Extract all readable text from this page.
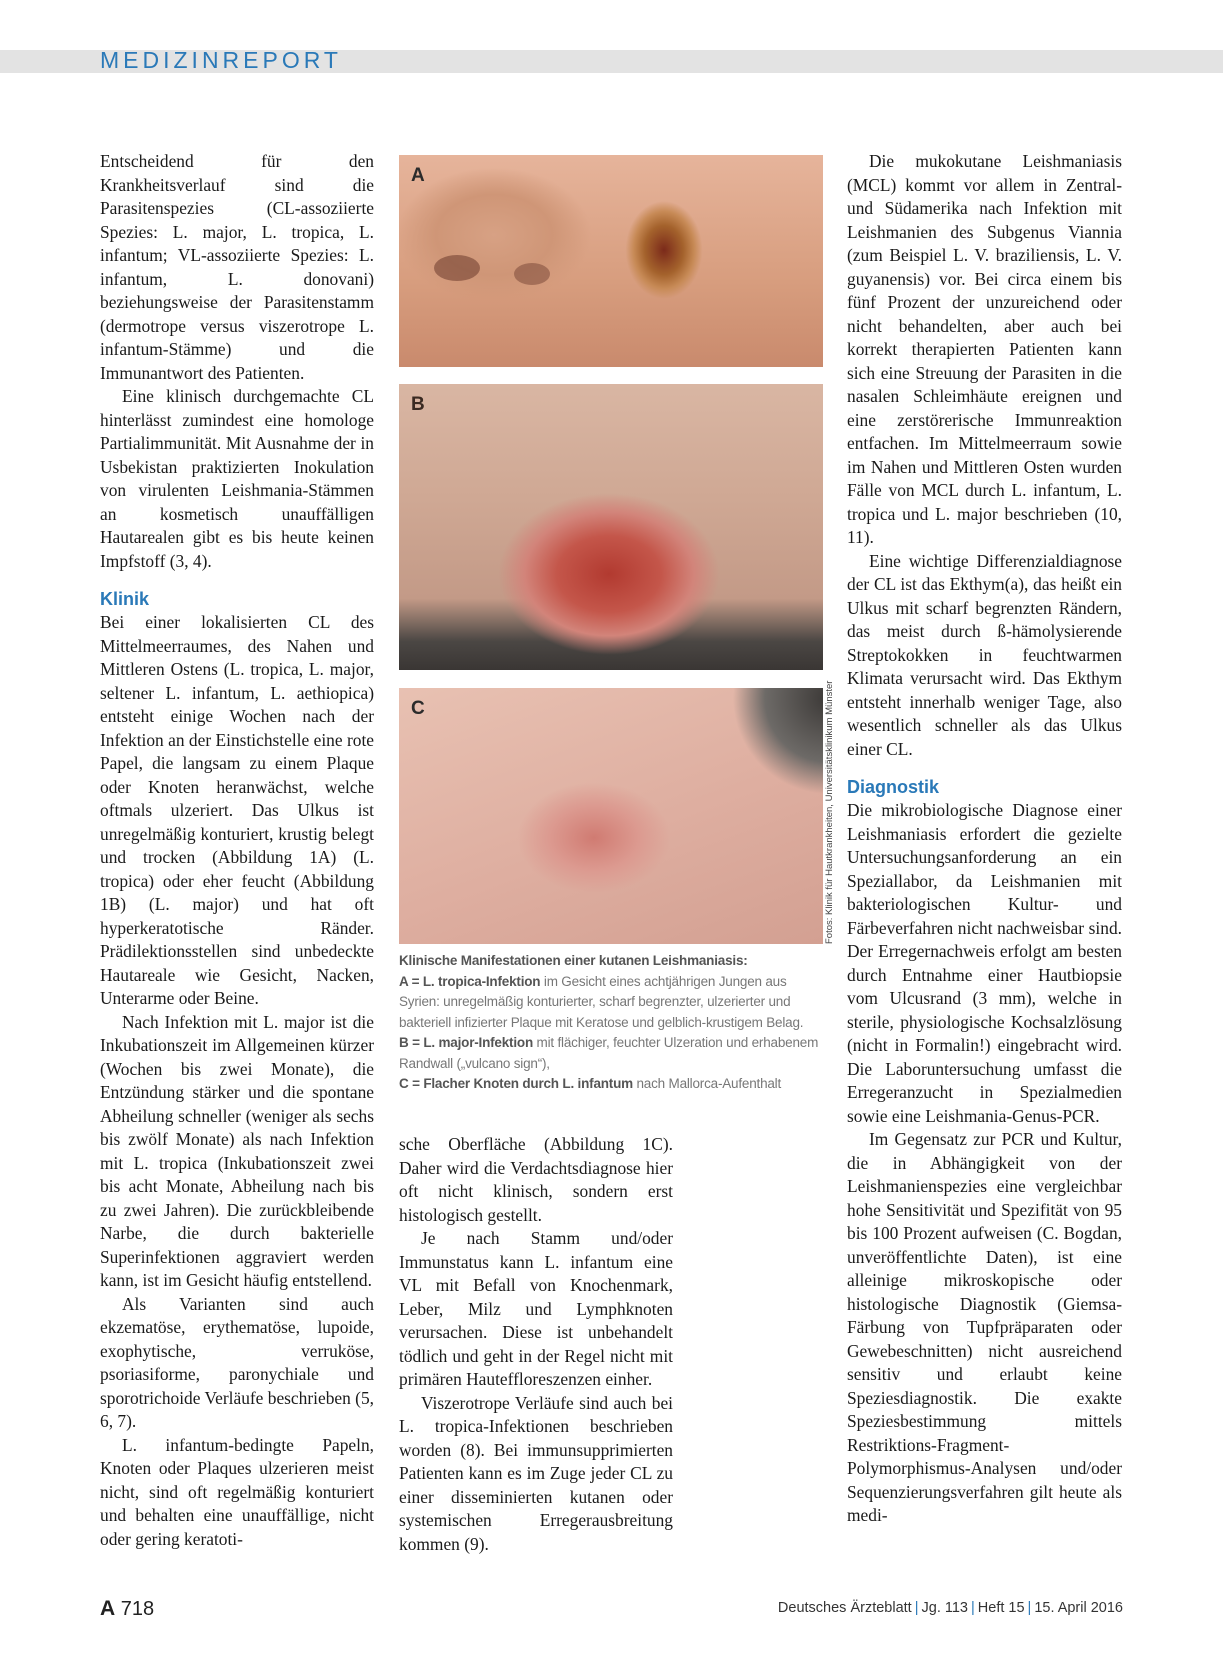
MEDIZINREPORT

Entscheidend für den Krankheitsverlauf sind die Parasitenspezies (CL-assoziierte Spezies: L. major, L. tropica, L. infantum; VL-assoziierte Spezies: L. infantum, L. donovani) beziehungsweise der Parasitenstamm (dermotrope versus viszerotrope L. infantum-Stämme) und die Immunantwort des Patienten.

Eine klinisch durchgemachte CL hinterlässt zumindest eine homologe Partialimmunität. Mit Ausnahme der in Usbekistan praktizierten Inokulation von virulenten Leishmania-Stämmen an kosmetisch unauffälligen Hautarealen gibt es bis heute keinen Impfstoff (3, 4).

Klinik

Bei einer lokalisierten CL des Mittelmeerraumes, des Nahen und Mittleren Ostens (L. tropica, L. major, seltener L. infantum, L. aethiopica) entsteht einige Wochen nach der Infektion an der Einstichstelle eine rote Papel, die langsam zu einem Plaque oder Knoten heranwächst, welche oftmals ulzeriert. Das Ulkus ist unregelmäßig konturiert, krustig belegt und trocken (Abbildung 1A) (L. tropica) oder eher feucht (Abbildung 1B) (L. major) und hat oft hyperkeratotische Ränder. Prädilektionsstellen sind unbedeckte Hautareale wie Gesicht, Nacken, Unterarme oder Beine.

Nach Infektion mit L. major ist die Inkubationszeit im Allgemeinen kürzer (Wochen bis zwei Monate), die Entzündung stärker und die spontane Abheilung schneller (weniger als sechs bis zwölf Monate) als nach Infektion mit L. tropica (Inkubationszeit zwei bis acht Monate, Abheilung nach bis zu zwei Jahren). Die zurückbleibende Narbe, die durch bakterielle Superinfektionen aggraviert werden kann, ist im Gesicht häufig entstellend.

Als Varianten sind auch ekzematöse, erythematöse, lupoide, exophytische, verruköse, psoriasiforme, paronychiale und sporotrichoide Verläufe beschrieben (5, 6, 7).

L. infantum-bedingte Papeln, Knoten oder Plaques ulzerieren meist nicht, sind oft regelmäßig konturiert und behalten eine unauffällige, nicht oder gering keratoti-

A
B
C	Fotos: Klinik für Hautkrankheiten, Universitätsklinikum Münster
Klinische Manifestationen einer kutanen Leishmaniasis:
A = L. tropica-Infektion im Gesicht eines achtjährigen Jungen aus Syrien: unregelmäßig konturierter, scharf begrenzter, ulzerierter und bakteriell infizierter Plaque mit Keratose und gelblich-krustigem Belag.
B = L. major-Infektion mit flächiger, feuchter Ulzeration und erhabenem Randwall („vulcano sign“),
C = Flacher Knoten durch L. infantum nach Mallorca-Aufenthalt

sche Oberfläche (Abbildung 1C). Daher wird die Verdachtsdiagnose hier oft nicht klinisch, sondern erst histologisch gestellt.

Je nach Stamm und/oder Immunstatus kann L. infantum eine VL mit Befall von Knochenmark, Leber, Milz und Lymphknoten verursachen. Diese ist unbehandelt tödlich und geht in der Regel nicht mit primären Hauteffloreszenzen einher.

Viszerotrope Verläufe sind auch bei L. tropica-Infektionen beschrieben worden (8). Bei immunsupprimierten Patienten kann es im Zuge jeder CL zu einer disseminierten kutanen oder systemischen Erregerausbreitung kommen (9).

Die mukokutane Leishmaniasis (MCL) kommt vor allem in Zentral- und Südamerika nach Infektion mit Leishmanien des Subgenus Viannia (zum Beispiel L. V. braziliensis, L. V. guyanensis) vor. Bei circa einem bis fünf Prozent der unzureichend oder nicht behandelten, aber auch bei korrekt therapierten Patienten kann sich eine Streuung der Parasiten in die nasalen Schleimhäute ereignen und eine zerstörerische Immunreaktion entfachen. Im Mittelmeerraum sowie im Nahen und Mittleren Osten wurden Fälle von MCL durch L. infantum, L. tropica und L. major beschrieben (10, 11).

Eine wichtige Differenzialdiagnose der CL ist das Ekthym(a), das heißt ein Ulkus mit scharf begrenzten Rändern, das meist durch ß-hämolysierende Streptokokken in feuchtwarmen Klimata verursacht wird. Das Ekthym entsteht innerhalb weniger Tage, also wesentlich schneller als das Ulkus einer CL.

Diagnostik

Die mikrobiologische Diagnose einer Leishmaniasis erfordert die gezielte Untersuchungsanforderung an ein Speziallabor, da Leishmanien mit bakteriologischen Kultur- und Färbeverfahren nicht nachweisbar sind. Der Erregernachweis erfolgt am besten durch Entnahme einer Hautbiopsie vom Ulcusrand (3 mm), welche in sterile, physiologische Kochsalzlösung (nicht in Formalin!) eingebracht wird. Die Laboruntersuchung umfasst die Erregeranzucht in Spezialmedien sowie eine Leishmania-Genus-PCR.

Im Gegensatz zur PCR und Kultur, die in Abhängigkeit von der Leishmanienspezies eine vergleichbar hohe Sensitivität und Spezifität von 95 bis 100 Prozent aufweisen (C. Bogdan, unveröffentlichte Daten), ist eine alleinige mikroskopische oder histologische Diagnostik (Giemsa-Färbung von Tupfpräparaten oder Gewebeschnitten) nicht ausreichend sensitiv und erlaubt keine Speziesdiagnostik. Die exakte Speziesbestimmung mittels Restriktions-Fragment-Polymorphismus-Analysen und/oder Sequenzierungsverfahren gilt heute als medi-

A 718	Deutsches Ärzteblatt | Jg. 113 | Heft 15 | 15. April 2016
